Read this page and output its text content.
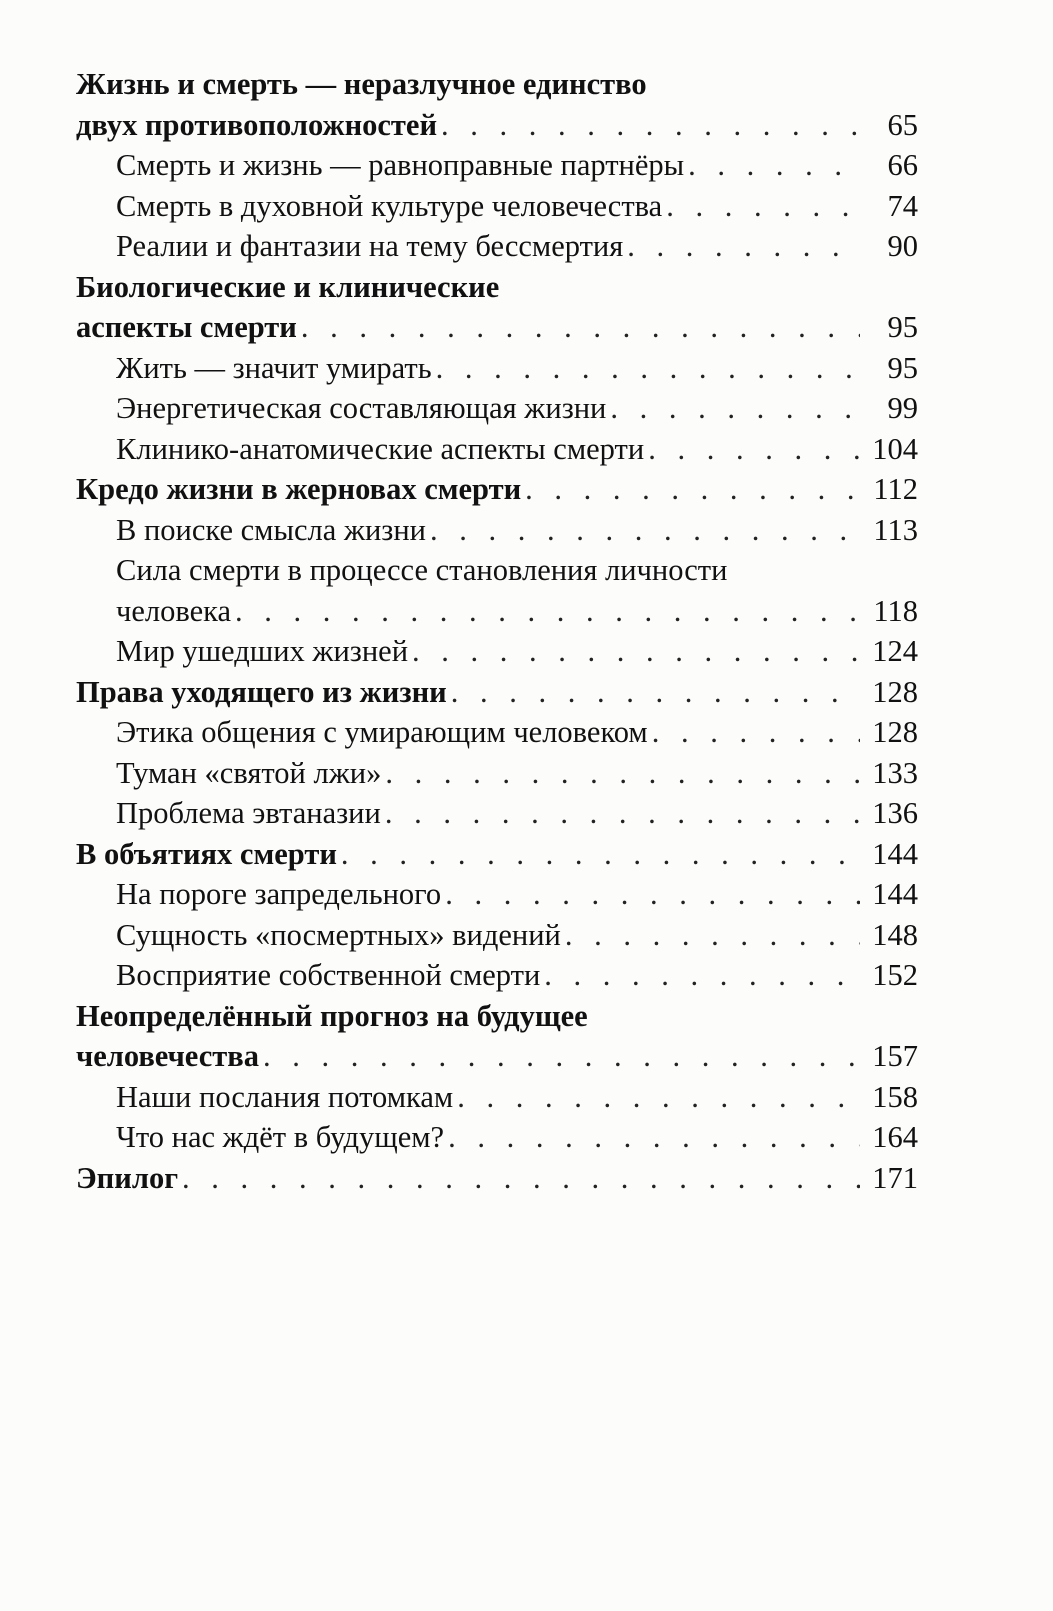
Жизнь и смерть — неразлучное единство
двух противоположностей . . .	65
Смерть и жизнь — равноправные партнёры . . .	66
Смерть в духовной культуре человечества . . .	74
Реалии и фантазии на тему бессмертия . . .	90
Биологические и клинические
аспекты смерти . . .	95
Жить — значит умирать . . .	95
Энергетическая составляющая жизни . . .	99
Клинико-анатомические аспекты смерти . . .	104
Кредо жизни в жерновах смерти . . .	112
В поиске смысла жизни . . .	113
Сила смерти в процессе становления личности
человека . . .	118
Мир ушедших жизней . . .	124
Права уходящего из жизни . . .	128
Этика общения с умирающим человеком . . .	128
Туман «святой лжи» . . .	133
Проблема эвтаназии . . .	136
В объятиях смерти . . .	144
На пороге запредельного . . .	144
Сущность «посмертных» видений . . .	148
Восприятие собственной смерти . . .	152
Неопределённый прогноз на будущее
человечества . . .	157
Наши послания потомкам . . .	158
Что нас ждёт в будущем? . . .	164
Эпилог . . .	171
